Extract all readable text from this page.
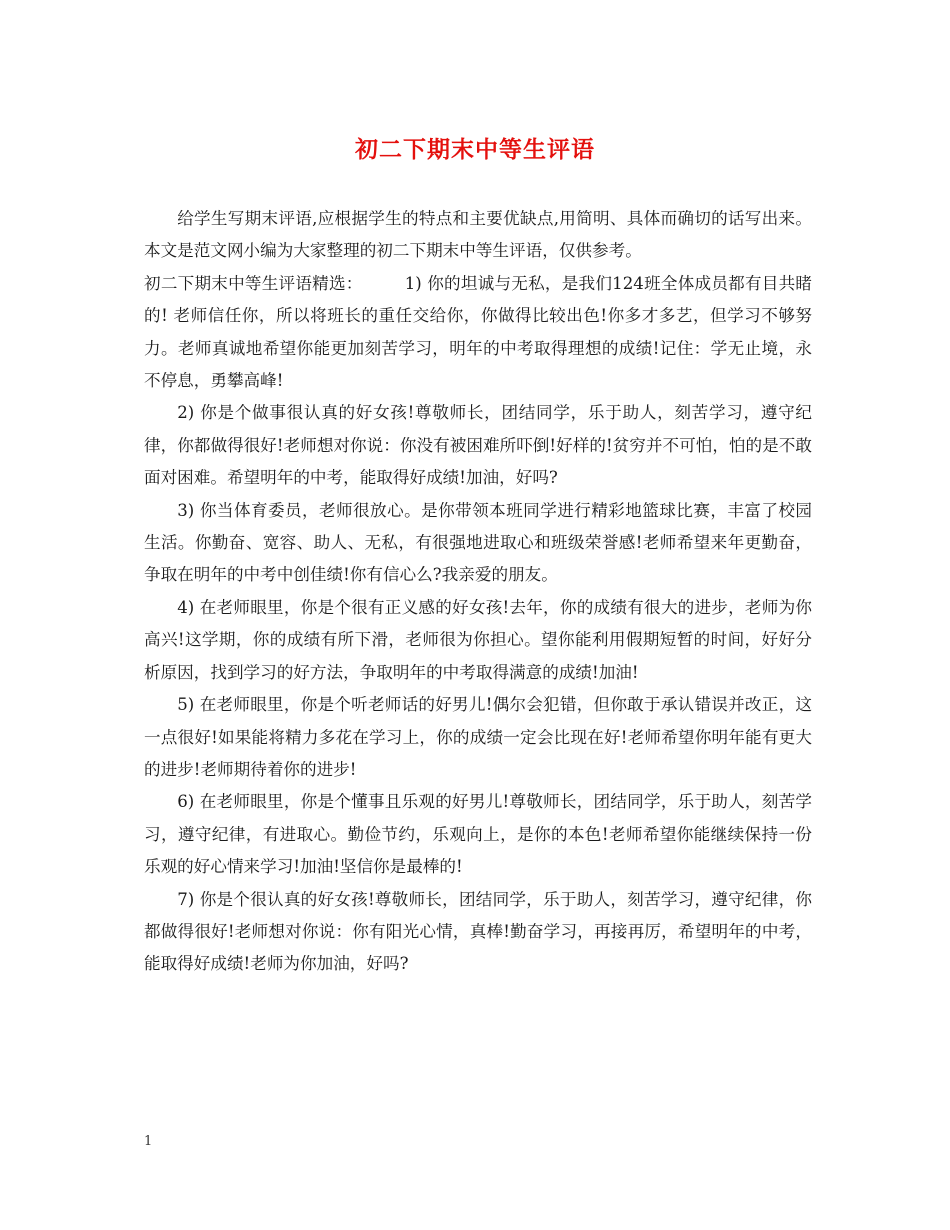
初二下期末中等生评语

给学生写期末评语,应根据学生的特点和主要优缺点,用简明、具体而确切的话写出来。本文是范文网小编为大家整理的初二下期末中等生评语，仅供参考。

初二下期末中等生评语精选：　　　1) 你的坦诚与无私，是我们124班全体成员都有目共睹的! 老师信任你，所以将班长的重任交给你，你做得比较出色!你多才多艺，但学习不够努力。老师真诚地希望你能更加刻苦学习，明年的中考取得理想的成绩!记住：学无止境，永不停息，勇攀高峰!

2) 你是个做事很认真的好女孩!尊敬师长，团结同学，乐于助人，刻苦学习，遵守纪律，你都做得很好!老师想对你说：你没有被困难所吓倒!好样的!贫穷并不可怕，怕的是不敢面对困难。希望明年的中考，能取得好成绩!加油，好吗?

3) 你当体育委员，老师很放心。是你带领本班同学进行精彩地篮球比赛，丰富了校园生活。你勤奋、宽容、助人、无私，有很强地进取心和班级荣誉感!老师希望来年更勤奋，争取在明年的中考中创佳绩!你有信心么?我亲爱的朋友。

4) 在老师眼里，你是个很有正义感的好女孩!去年，你的成绩有很大的进步，老师为你高兴!这学期，你的成绩有所下滑，老师很为你担心。望你能利用假期短暂的时间，好好分析原因，找到学习的好方法，争取明年的中考取得满意的成绩!加油!

5) 在老师眼里，你是个听老师话的好男儿!偶尔会犯错，但你敢于承认错误并改正，这一点很好!如果能将精力多花在学习上，你的成绩一定会比现在好!老师希望你明年能有更大的进步!老师期待着你的进步!

6) 在老师眼里，你是个懂事且乐观的好男儿!尊敬师长，团结同学，乐于助人，刻苦学习，遵守纪律，有进取心。勤俭节约，乐观向上，是你的本色!老师希望你能继续保持一份乐观的好心情来学习!加油!坚信你是最棒的!

7) 你是个很认真的好女孩!尊敬师长，团结同学，乐于助人，刻苦学习，遵守纪律，你都做得很好!老师想对你说：你有阳光心情，真棒!勤奋学习，再接再厉，希望明年的中考，能取得好成绩!老师为你加油，好吗?

1
